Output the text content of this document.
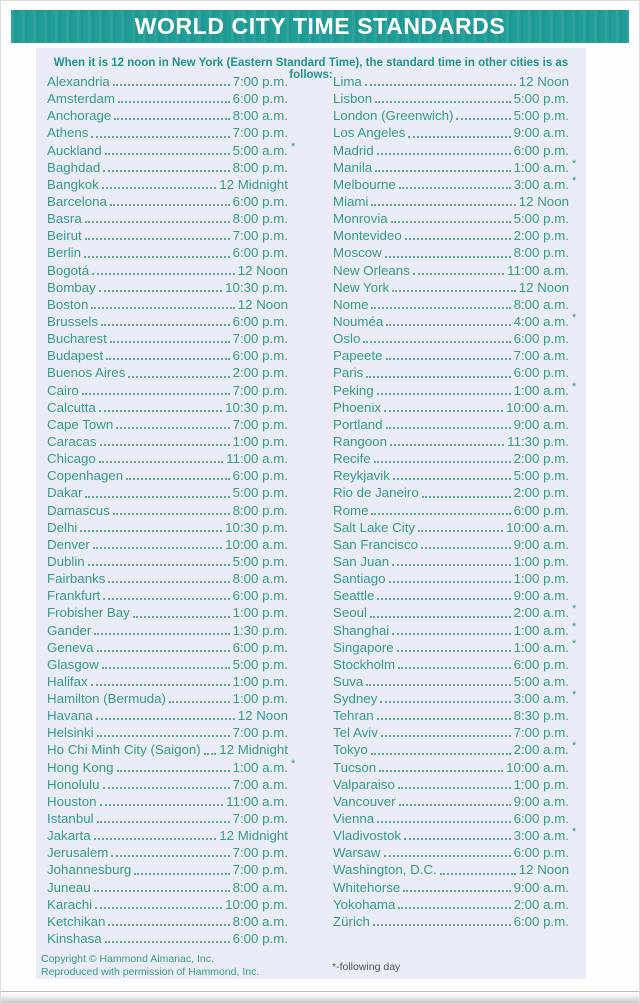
WORLD CITY TIME STANDARDS
When it is 12 noon in New York (Eastern Standard Time), the standard time in other cities is as follows:
Alexandria	7:00 p.m.
Amsterdam	6:00 p.m.
Anchorage	8:00 a.m.
Athens	7:00 p.m.
Auckland	5:00 a.m. *
Baghdad	8:00 p.m.
Bangkok	12 Midnight
Barcelona	6:00 p.m.
Basra	8:00 p.m.
Beirut	7:00 p.m.
Berlin	6:00 p.m.
Bogotá	12 Noon
Bombay	10:30 p.m.
Boston	12 Noon
Brussels	6:00 p.m.
Bucharest	7:00 p.m.
Budapest	6:00 p.m.
Buenos Aires	2:00 p.m.
Cairo	7:00 p.m.
Calcutta	10:30 p.m.
Cape Town	7:00 p.m.
Caracas	1:00 p.m.
Chicago	11:00 a.m.
Copenhagen	6:00 p.m.
Dakar	5:00 p.m.
Damascus	8:00 p.m.
Delhi	10:30 p.m.
Denver	10:00 a.m.
Dublin	5:00 p.m.
Fairbanks	8:00 a.m.
Frankfurt	6:00 p.m.
Frobisher Bay	1:00 p.m.
Gander	1:30 p.m.
Geneva	6:00 p.m.
Glasgow	5:00 p.m.
Halifax	1:00 p.m.
Hamilton (Bermuda)	1:00 p.m.
Havana	12 Noon
Helsinki	7:00 p.m.
Ho Chi Minh City (Saigon) 12 Midnight
Hong Kong	1:00 a.m. *
Honolulu	7:00 a.m.
Houston	11:00 a.m.
Istanbul	7:00 p.m.
Jakarta	12 Midnight
Jerusalem	7:00 p.m.
Johannesburg	7:00 p.m.
Juneau	8:00 a.m.
Karachi	10:00 p.m.
Ketchikan	8:00 a.m.
Kinshasa	6:00 p.m.
Lima	12 Noon
Lisbon	5:00 p.m.
London (Greenwich)	5:00 p.m.
Los Angeles	9:00 a.m.
Madrid	6:00 p.m.
Manila	1:00 a.m. *
Melbourne	3:00 a.m. *
Miami	12 Noon
Monrovia	5:00 p.m.
Montevideo	2:00 p.m.
Moscow	8:00 p.m.
New Orleans	11:00 a.m.
New York	12 Noon
Nome	8:00 a.m.
Nouméa	4:00 a.m. *
Oslo	6:00 p.m.
Papeete	7:00 a.m.
Paris	6:00 p.m.
Peking	1:00 a.m. *
Phoenix	10:00 a.m.
Portland	9:00 a.m.
Rangoon	11:30 p.m.
Recife	2:00 p.m.
Reykjavik	5:00 p.m.
Rio de Janeiro	2:00 p.m.
Rome	6:00 p.m.
Salt Lake City	10:00 a.m.
San Francisco	9:00 a.m.
San Juan	1:00 p.m.
Santiago	1:00 p.m.
Seattle	9:00 a.m.
Seoul	2:00 a.m. *
Shanghai	1:00 a.m. *
Singapore	1:00 a.m. *
Stockholm	6:00 p.m.
Suva	5:00 a.m.
Sydney	3:00 a.m. *
Tehran	8:30 p.m.
Tel Aviv	7:00 p.m.
Tokyo	2:00 a.m. *
Tucson	10:00 a.m.
Valparaiso	1:00 p.m.
Vancouver	9:00 a.m.
Vienna	6:00 p.m.
Vladivostok	3:00 a.m. *
Warsaw	6:00 p.m.
Washington, D.C.	12 Noon
Whitehorse	9:00 a.m.
Yokohama	2:00 a.m.
Zürich	6:00 p.m.
Copyright © Hammond Almanac, Inc.
Reproduced with permission of Hammond, Inc.	*-following day
